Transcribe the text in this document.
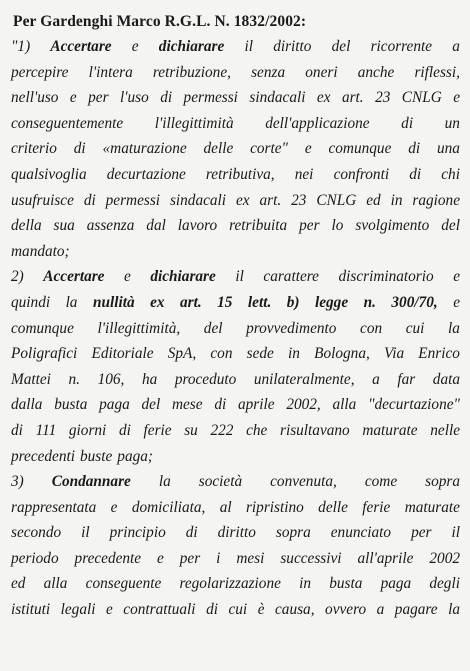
Per Gardenghi Marco R.G.L. N. 1832/2002:
"1) Accertare e dichiarare il diritto del ricorrente a
percepire l'intera retribuzione, senza oneri anche riflessi,
nell'uso e per l'uso di permessi sindacali ex art. 23 CNLG e
conseguentemente l'illegittimità dell'applicazione di un
criterio di «maturazione delle corte" e comunque di una
qualsivoglia decurtazione retributiva, nei confronti di chi
usufruisce di permessi sindacali ex art. 23 CNLG ed in ragione
della sua assenza dal lavoro retribuita per lo svolgimento del
mandato;
2) Accertare e dichiarare il carattere discriminatorio e
quindi la nullità ex art. 15 lett. b) legge n. 300/70, e
comunque l'illegittimità, del provvedimento con cui la
Poligrafici Editoriale SpA, con sede in Bologna, Via Enrico
Mattei n. 106, ha proceduto unilateralmente, a far data
dalla busta paga del mese di aprile 2002, alla "decurtazione"
di 111 giorni di ferie su 222 che risultavano maturate nelle
precedenti buste paga;
3) Condannare la società convenuta, come sopra
rappresentata e domiciliata, al ripristino delle ferie maturate
secondo il principio di diritto sopra enunciato per il
periodo precedente e per i mesi successivi all'aprile 2002
ed alla conseguente regolarizzazione in busta paga degli
istituti legali e contrattuali di cui è causa, ovvero a pagare la
